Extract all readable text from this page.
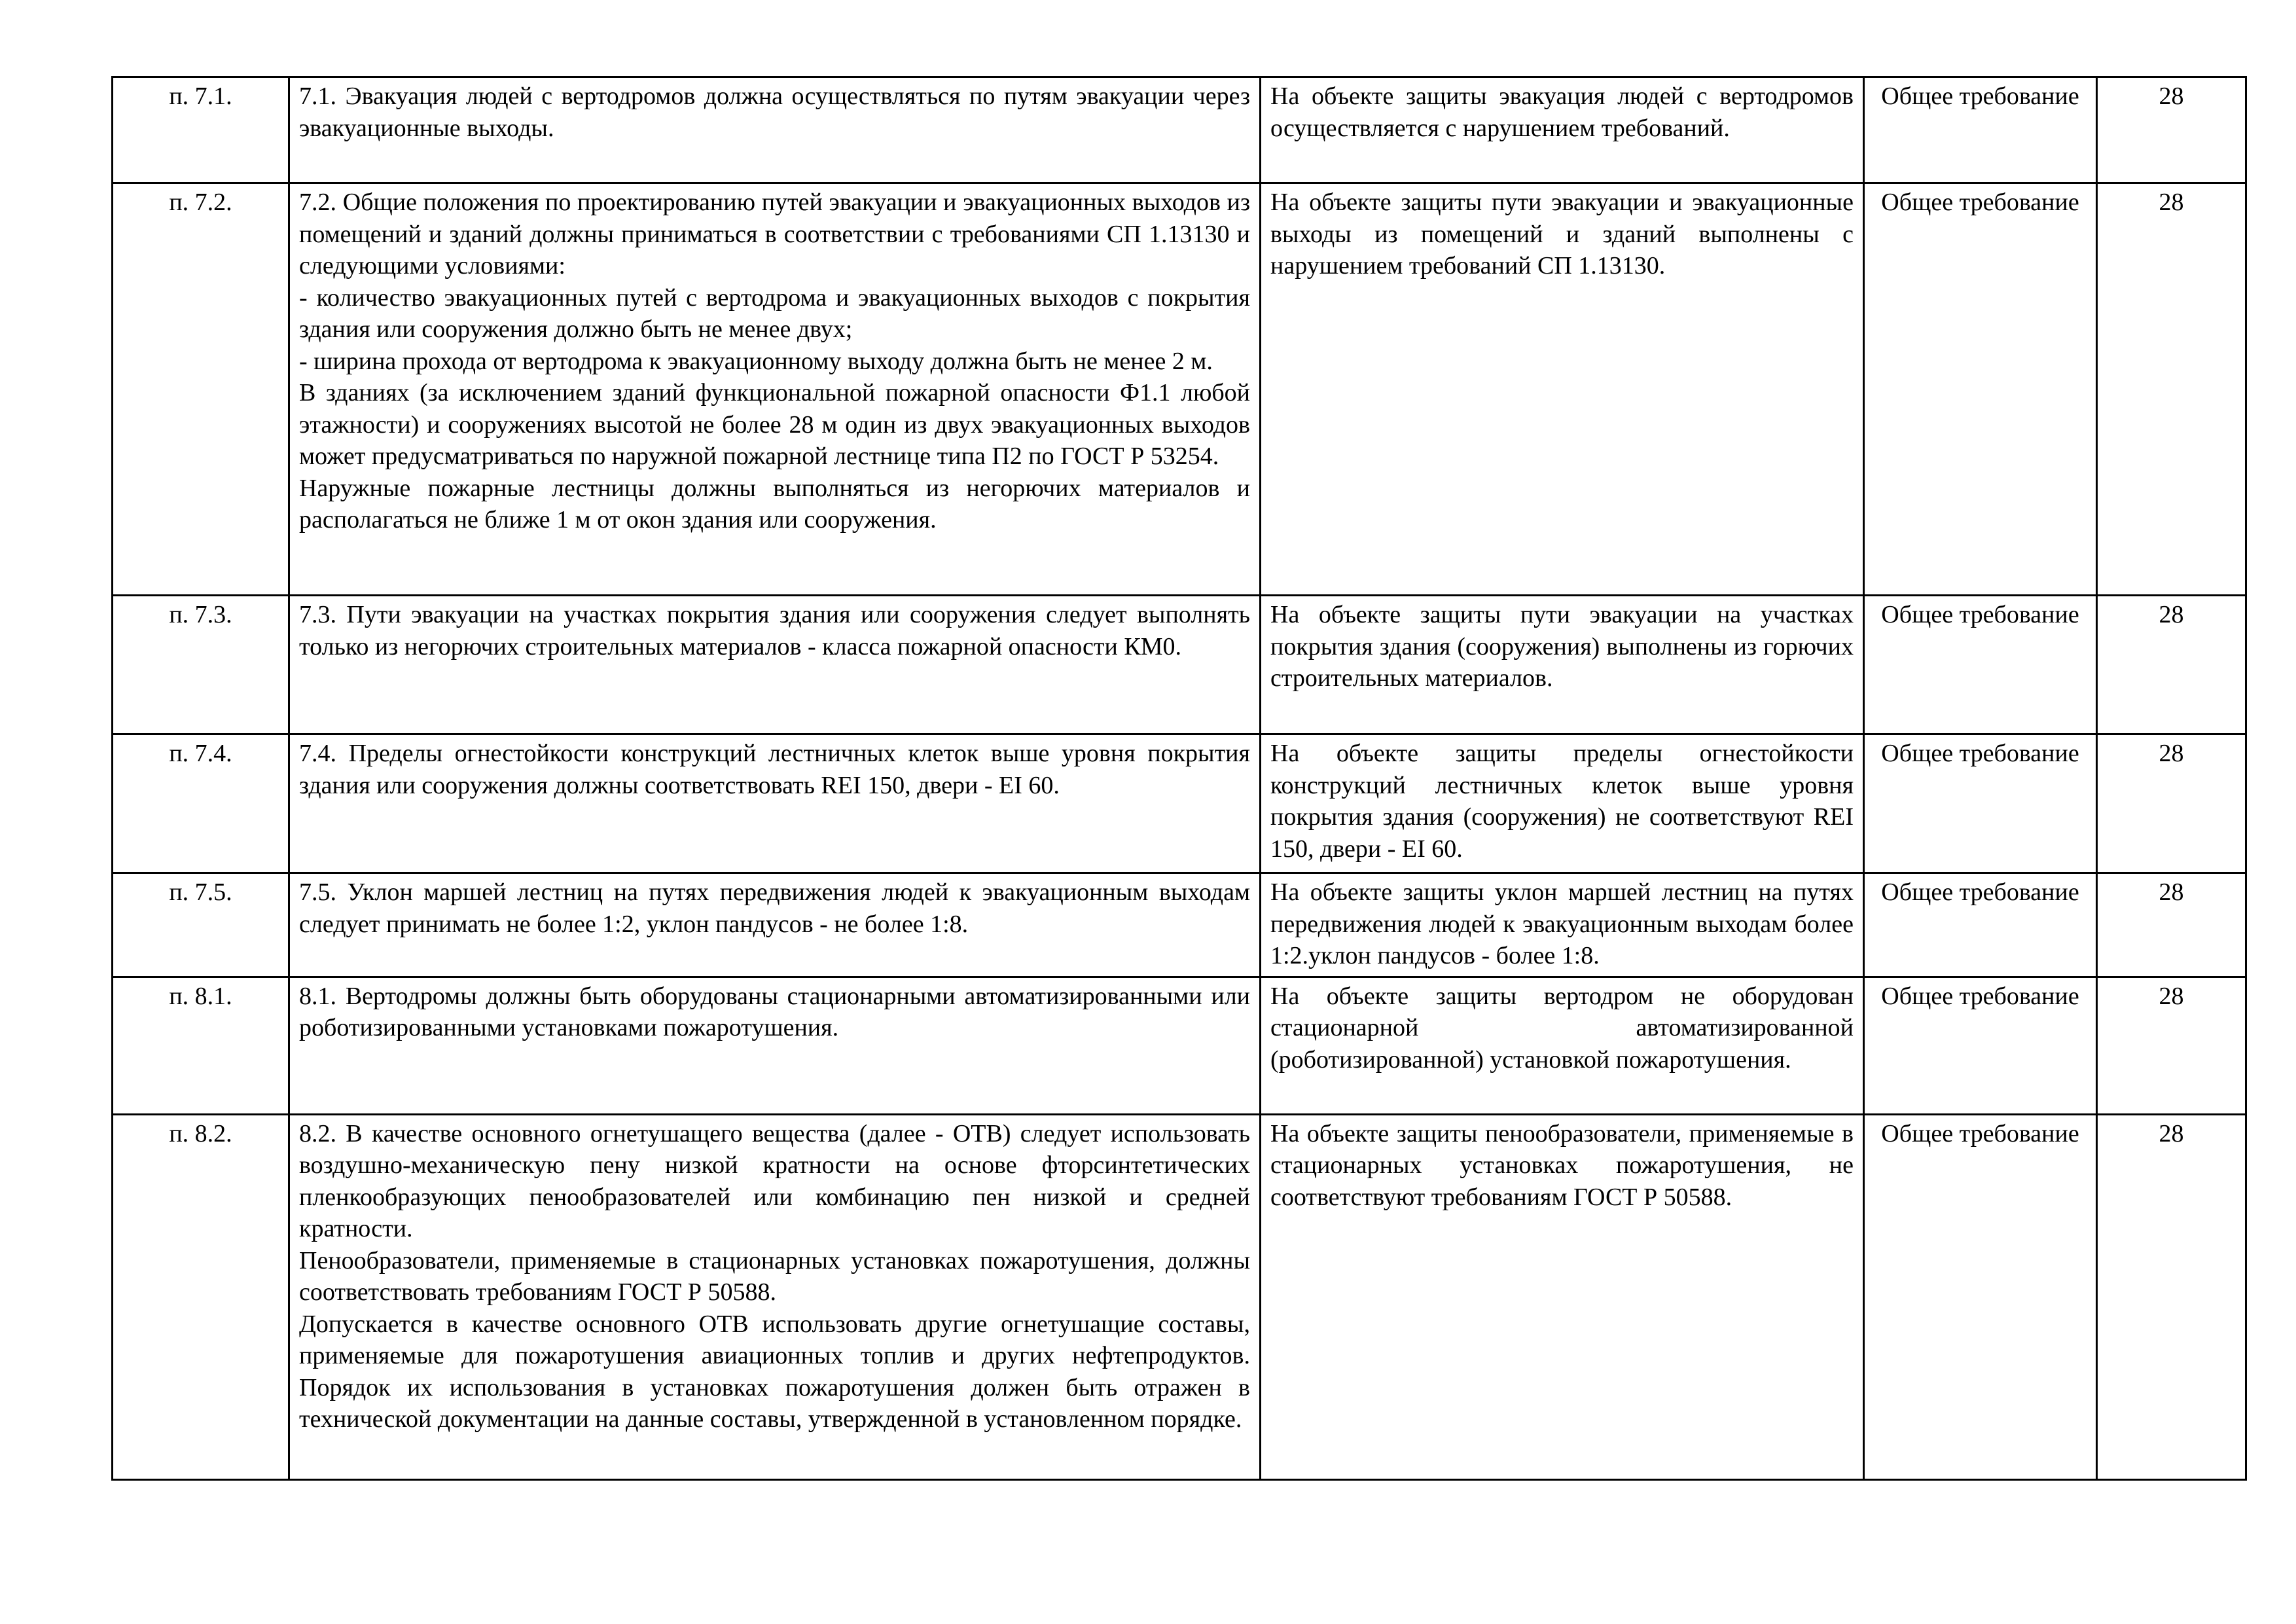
п. 7.1.	7.1. Эвакуация людей с вертодромов должна осуществляться по путям эвакуации через эвакуационные выходы.	На объекте защиты эвакуация людей с вертодромов осуществляется с нарушением требований.	Общее требование	28
п. 7.2.	7.2. Общие положения по проектированию путей эвакуации и эвакуационных выходов из помещений и зданий должны приниматься в соответствии с требованиями СП 1.13130 и следующими условиями:
- количество эвакуационных путей с вертодрома и эвакуационных выходов с покрытия здания или сооружения должно быть не менее двух;
- ширина прохода от вертодрома к эвакуационному выходу должна быть не менее 2 м.
В зданиях (за исключением зданий функциональной пожарной опасности Ф1.1 любой этажности) и сооружениях высотой не более 28 м один из двух эвакуационных выходов может предусматриваться по наружной пожарной лестнице типа П2 по ГОСТ Р 53254.
Наружные пожарные лестницы должны выполняться из негорючих материалов и располагаться не ближе 1 м от окон здания или сооружения.	На объекте защиты пути эвакуации и эвакуационные выходы из помещений и зданий выполнены с нарушением требований СП 1.13130.	Общее требование	28
п. 7.3.	7.3. Пути эвакуации на участках покрытия здания или сооружения следует выполнять только из негорючих строительных материалов - класса пожарной опасности КМ0.	На объекте защиты пути эвакуации на участках покрытия здания (сооружения) выполнены из горючих строительных материалов.	Общее требование	28
п. 7.4.	7.4. Пределы огнестойкости конструкций лестничных клеток выше уровня покрытия здания или сооружения должны соответствовать REI 150, двери - EI 60.	На объекте защиты пределы огнестойкости конструкций лестничных клеток выше уровня покрытия здания (сооружения) не соответствуют REI 150, двери - EI 60.	Общее требование	28
п. 7.5.	7.5. Уклон маршей лестниц на путях передвижения людей к эвакуационным выходам следует принимать не более 1:2, уклон пандусов - не более 1:8.	На объекте защиты уклон маршей лестниц на путях передвижения людей к эвакуационным выходам более 1:2.уклон пандусов - более 1:8.	Общее требование	28
п. 8.1.	8.1. Вертодромы должны быть оборудованы стационарными автоматизированными или роботизированными установками пожаротушения.	На объекте защиты вертодром не оборудован стационарной автоматизированной (роботизированной) установкой пожаротушения.	Общее требование	28
п. 8.2.	8.2. В качестве основного огнетушащего вещества (далее - ОТВ) следует использовать воздушно-механическую пену низкой кратности на основе фторсинтетических пленкообразующих пенообразователей или комбинацию пен низкой и средней кратности.
Пенообразователи, применяемые в стационарных установках пожаротушения, должны соответствовать требованиям ГОСТ Р 50588.
Допускается в качестве основного ОТВ использовать другие огнетушащие составы, применяемые для пожаротушения авиационных топлив и других нефтепродуктов. Порядок их использования в установках пожаротушения должен быть отражен в технической документации на данные составы, утвержденной в установленном порядке.	На объекте защиты пенообразователи, применяемые в стационарных установках пожаротушения, не соответствуют требованиям ГОСТ Р 50588.	Общее требование	28
